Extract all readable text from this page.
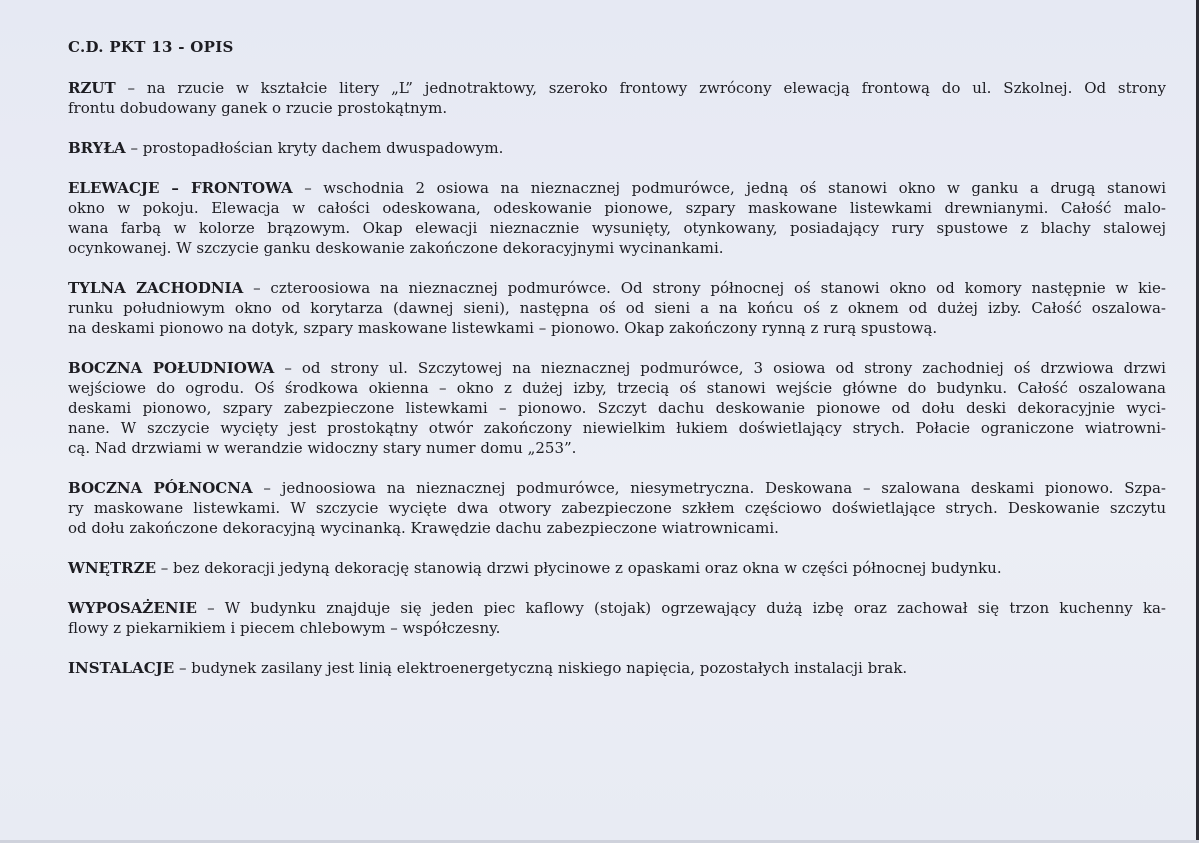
C.D. PKT 13 - OPIS
RZUT – na rzucie w kształcie litery „L” jednotraktowy, szeroko frontowy zwrócony elewacją frontową do ul. Szkolnej. Od strony
frontu dobudowany ganek o rzucie prostokątnym.
BRYŁA – prostopadłościan kryty dachem dwuspadowym.
ELEWACJE – FRONTOWA – wschodnia 2 osiowa na nieznacznej podmurówce, jedną oś stanowi okno w ganku a drugą stanowi
okno w pokoju. Elewacja w całości odeskowana, odeskowanie pionowe, szpary maskowane listewkami drewnianymi. Całość malo-
wana farbą w kolorze brązowym. Okap elewacji nieznacznie wysunięty, otynkowany, posiadający rury spustowe z blachy stalowej
ocynkowanej. W szczycie ganku deskowanie zakończone dekoracyjnymi wycinankami.
TYLNA ZACHODNIA – czteroosiowa na nieznacznej podmurówce. Od strony północnej oś stanowi okno od komory następnie w kie-
runku południowym okno od korytarza (dawnej sieni), następna oś od sieni a na końcu oś z oknem od dużej izby. Całość oszalowa-
na deskami pionowo na dotyk, szpary maskowane listewkami – pionowo. Okap zakończony rynną z rurą spustową.
BOCZNA POŁUDNIOWA – od strony ul. Szczytowej na nieznacznej podmurówce, 3 osiowa od strony zachodniej oś drzwiowa drzwi
wejściowe do ogrodu. Oś środkowa okienna – okno z dużej izby, trzecią oś stanowi wejście główne do budynku. Całość oszalowana
deskami pionowo, szpary zabezpieczone listewkami – pionowo. Szczyt dachu deskowanie pionowe od dołu deski dekoracyjnie wyci-
nane. W szczycie wycięty jest prostokątny otwór zakończony niewielkim łukiem doświetlający strych. Połacie ograniczone wiatrowni-
cą. Nad drzwiami w werandzie widoczny stary numer domu „253”.
BOCZNA PÓŁNOCNA – jednoosiowa na nieznacznej podmurówce, niesymetryczna. Deskowana – szalowana deskami pionowo. Szpa-
ry maskowane listewkami. W szczycie wycięte dwa otwory zabezpieczone szkłem częściowo doświetlające strych. Deskowanie szczytu
od dołu zakończone dekoracyjną wycinanką. Krawędzie dachu zabezpieczone wiatrownicami.
WNĘTRZE – bez dekoracji jedyną dekorację stanowią drzwi płycinowe z opaskami oraz okna w części północnej budynku.
WYPOSAŻENIE – W budynku znajduje się jeden piec kaflowy (stojak) ogrzewający dużą izbę oraz zachował się trzon kuchenny ka-
flowy z piekarnikiem i piecem chlebowym – współczesny.
INSTALACJE – budynek zasilany jest linią elektroenergetyczną niskiego napięcia, pozostałych instalacji brak.
